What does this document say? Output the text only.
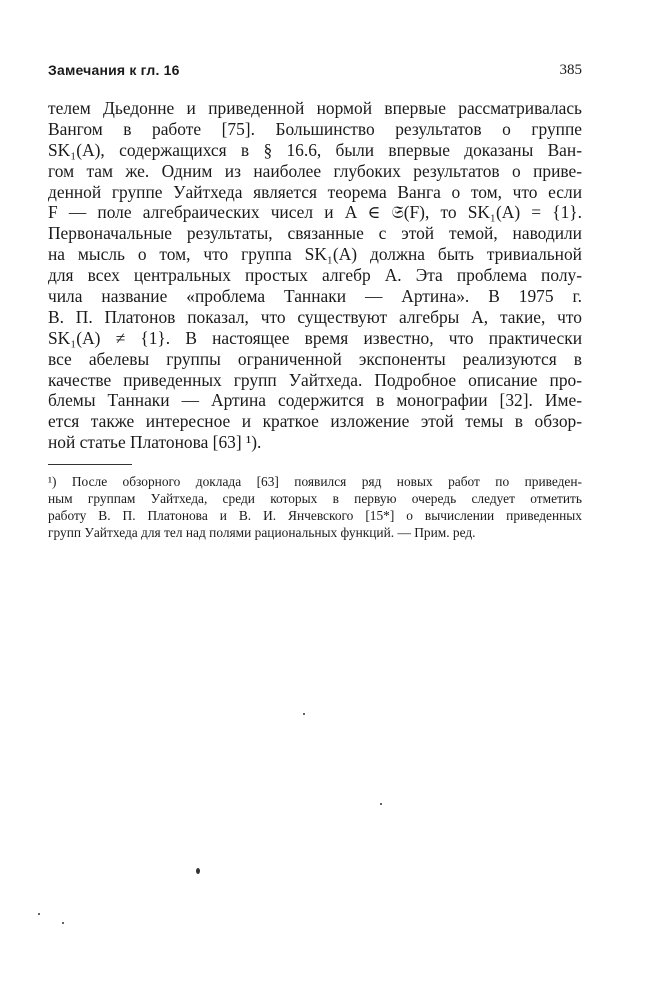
Замечания к гл. 16	385
телем Дьедонне и приведенной нормой впервые рассматривалась
Вангом в работе [75]. Большинство результатов о группе
SK₁(A), содержащихся в § 16.6, были впервые доказаны Ван-
гом там же. Одним из наиболее глубоких результатов о приве-
денной группе Уайтхеда является теорема Ванга о том, что если
F — поле алгебраических чисел и A ∈ 𝔖(F), то SK₁(A) = {1}.
Первоначальные результаты, связанные с этой темой, наводили
на мысль о том, что группа SK₁(A) должна быть тривиальной
для всех центральных простых алгебр A. Эта проблема полу-
чила название «проблема Таннаки — Артина». В 1975 г.
В. П. Платонов показал, что существуют алгебры A, такие, что
SK₁(A) ≠ {1}. В настоящее время известно, что практически
все абелевы группы ограниченной экспоненты реализуются в
качестве приведенных групп Уайтхеда. Подробное описание про-
блемы Таннаки — Артина содержится в монографии [32]. Име-
ется также интересное и краткое изложение этой темы в обзор-
ной статье Платонова [63] ¹).
¹) После обзорного доклада [63] появился ряд новых работ по приведен-
ным группам Уайтхеда, среди которых в первую очередь следует отметить
работу В. П. Платонова и В. И. Янчевского [15*] о вычислении приведенных
групп Уайтхеда для тел над полями рациональных функций. — Прим. ред.
